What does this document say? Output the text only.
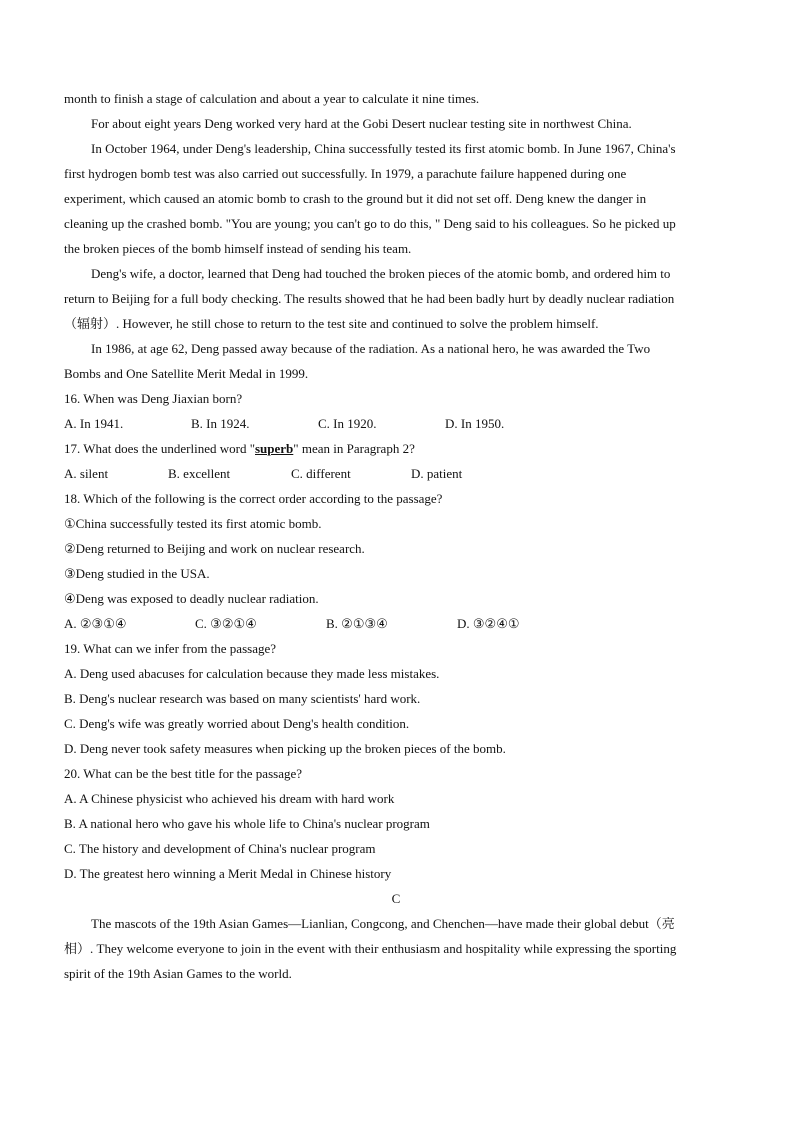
month to finish a stage of calculation and about a year to calculate it nine times.
For about eight years Deng worked very hard at the Gobi Desert nuclear testing site in northwest China.
In October 1964, under Deng's leadership, China successfully tested its first atomic bomb. In June 1967, China's
first hydrogen bomb test was also carried out successfully. In 1979, a parachute failure happened during one
experiment, which caused an atomic bomb to crash to the ground but it did not set off. Deng knew the danger in
cleaning up the crashed bomb. "You are young; you can't go to do this, " Deng said to his colleagues. So he picked up
the broken pieces of the bomb himself instead of sending his team.
Deng's wife, a doctor, learned that Deng had touched the broken pieces of the atomic bomb, and ordered him to
return to Beijing for a full body checking. The results showed that he had been badly hurt by deadly nuclear radiation
（辐射）. However, he still chose to return to the test site and continued to solve the problem himself.
In 1986, at age 62, Deng passed away because of the radiation. As a national hero, he was awarded the Two
Bombs and One Satellite Merit Medal in 1999.
16. When was Deng Jiaxian born?
A. In 1941.	B. In 1924.	C. In 1920.	D. In 1950.
17. What does the underlined word "superb" mean in Paragraph 2?
A. silent	B. excellent	C. different	D. patient
18. Which of the following is the correct order according to the passage?
①China successfully tested its first atomic bomb.
②Deng returned to Beijing and work on nuclear research.
③Deng studied in the USA.
④Deng was exposed to deadly nuclear radiation.
A. ②③①④	C. ③②①④	B. ②①③④	D. ③②④①
19. What can we infer from the passage?
A. Deng used abacuses for calculation because they made less mistakes.
B. Deng's nuclear research was based on many scientists' hard work.
C. Deng's wife was greatly worried about Deng's health condition.
D. Deng never took safety measures when picking up the broken pieces of the bomb.
20. What can be the best title for the passage?
A. A Chinese physicist who achieved his dream with hard work
B. A national hero who gave his whole life to China's nuclear program
C. The history and development of China's nuclear program
D. The greatest hero winning a Merit Medal in Chinese history
C
The mascots of the 19th Asian Games—Lianlian, Congcong, and Chenchen—have made their global debut（亮
相）. They welcome everyone to join in the event with their enthusiasm and hospitality while expressing the sporting
spirit of the 19th Asian Games to the world.
